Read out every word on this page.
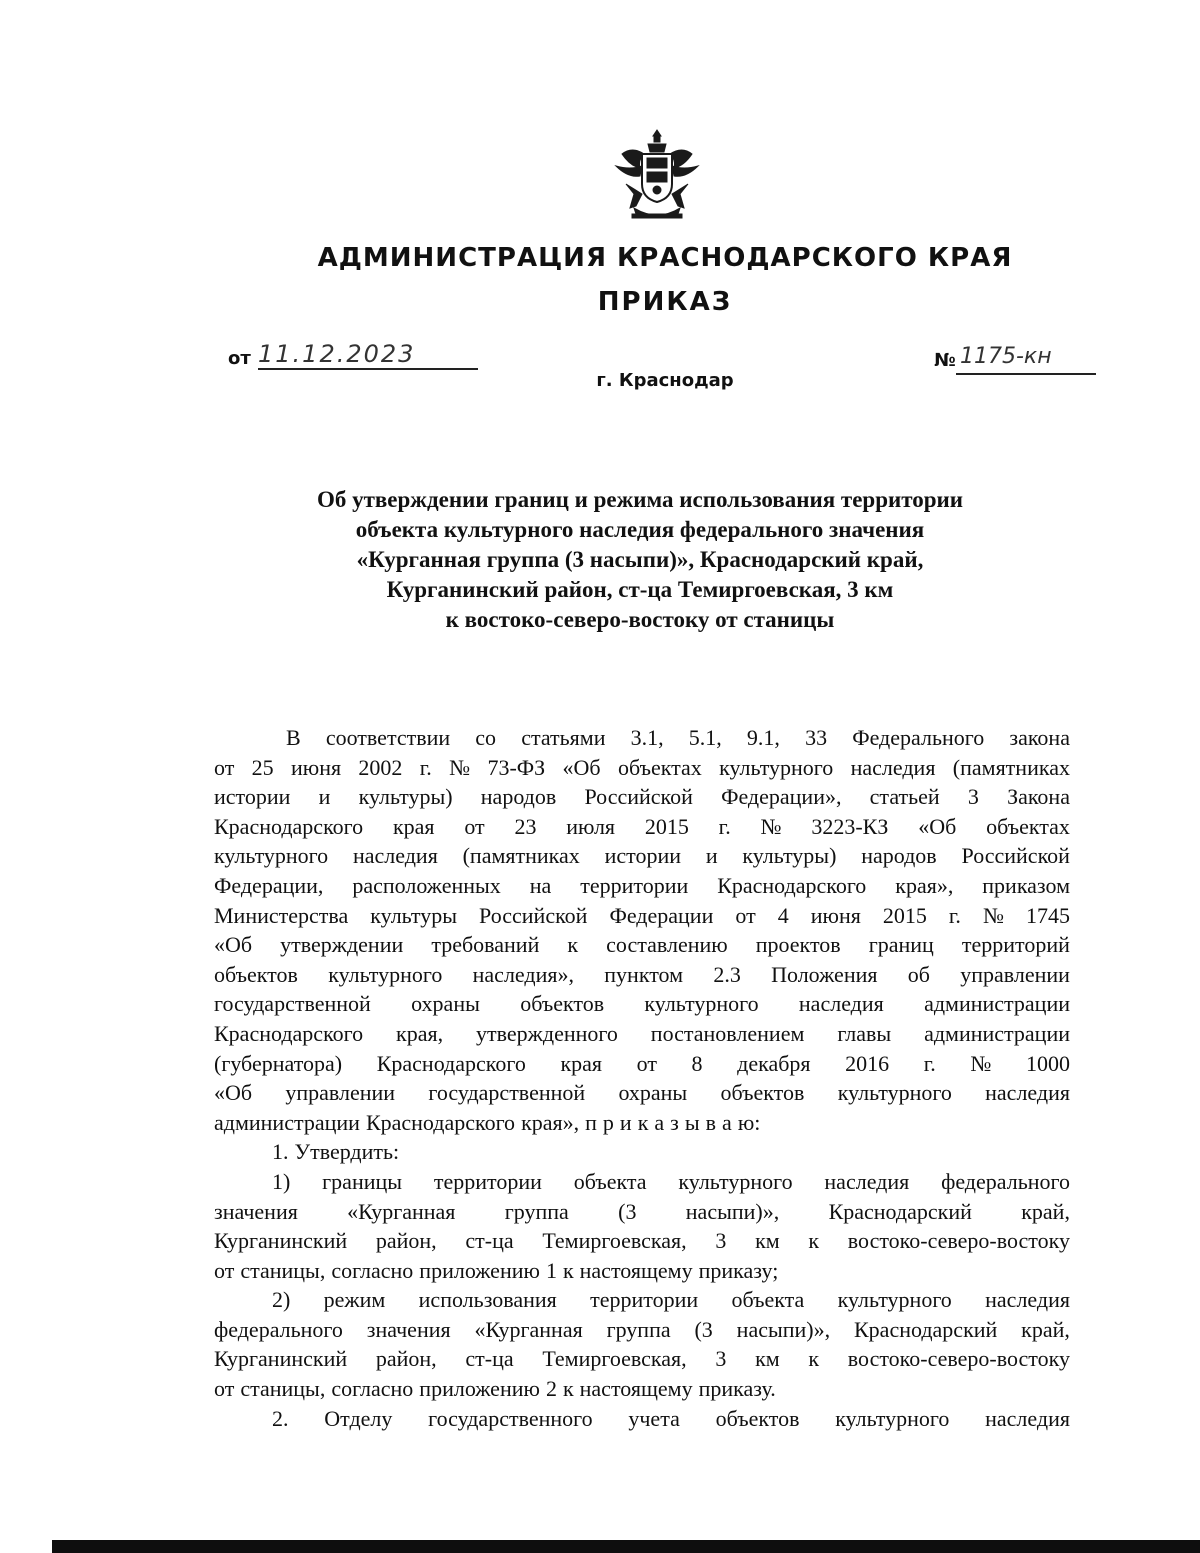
АДМИНИСТРАЦИЯ КРАСНОДАРСКОГО КРАЯ
ПРИКАЗ
от 11.12.2023	№ 1175-кн
г. Краснодар
Об утверждении границ и режима использования территории
объекта культурного наследия федерального значения
«Курганная группа (3 насыпи)», Краснодарский край,
Курганинский район, ст-ца Темиргоевская, 3 км
к востоко-северо-востоку от станицы
В соответствии со статьями 3.1, 5.1, 9.1, 33 Федерального закона
от 25 июня 2002 г. № 73-ФЗ «Об объектах культурного наследия (памятниках
истории и культуры) народов Российской Федерации», статьей 3 Закона
Краснодарского края от 23 июля 2015 г. № 3223-КЗ «Об объектах
культурного наследия (памятниках истории и культуры) народов Российской
Федерации, расположенных на территории Краснодарского края», приказом
Министерства культуры Российской Федерации от 4 июня 2015 г. № 1745
«Об утверждении требований к составлению проектов границ территорий
объектов культурного наследия», пунктом 2.3 Положения об управлении
государственной охраны объектов культурного наследия администрации
Краснодарского края, утвержденного постановлением главы администрации
(губернатора) Краснодарского края от 8 декабря 2016 г. № 1000
«Об управлении государственной охраны объектов культурного наследия
администрации Краснодарского края», п р и к а з ы в а ю:
1. Утвердить:
1) границы территории объекта культурного наследия федерального
значения «Курганная группа (3 насыпи)», Краснодарский край,
Курганинский район, ст-ца Темиргоевская, 3 км к востоко-северо-востоку
от станицы, согласно приложению 1 к настоящему приказу;
2) режим использования территории объекта культурного наследия
федерального значения «Курганная группа (3 насыпи)», Краснодарский край,
Курганинский район, ст-ца Темиргоевская, 3 км к востоко-северо-востоку
от станицы, согласно приложению 2 к настоящему приказу.
2. Отделу государственного учета объектов культурного наследия
